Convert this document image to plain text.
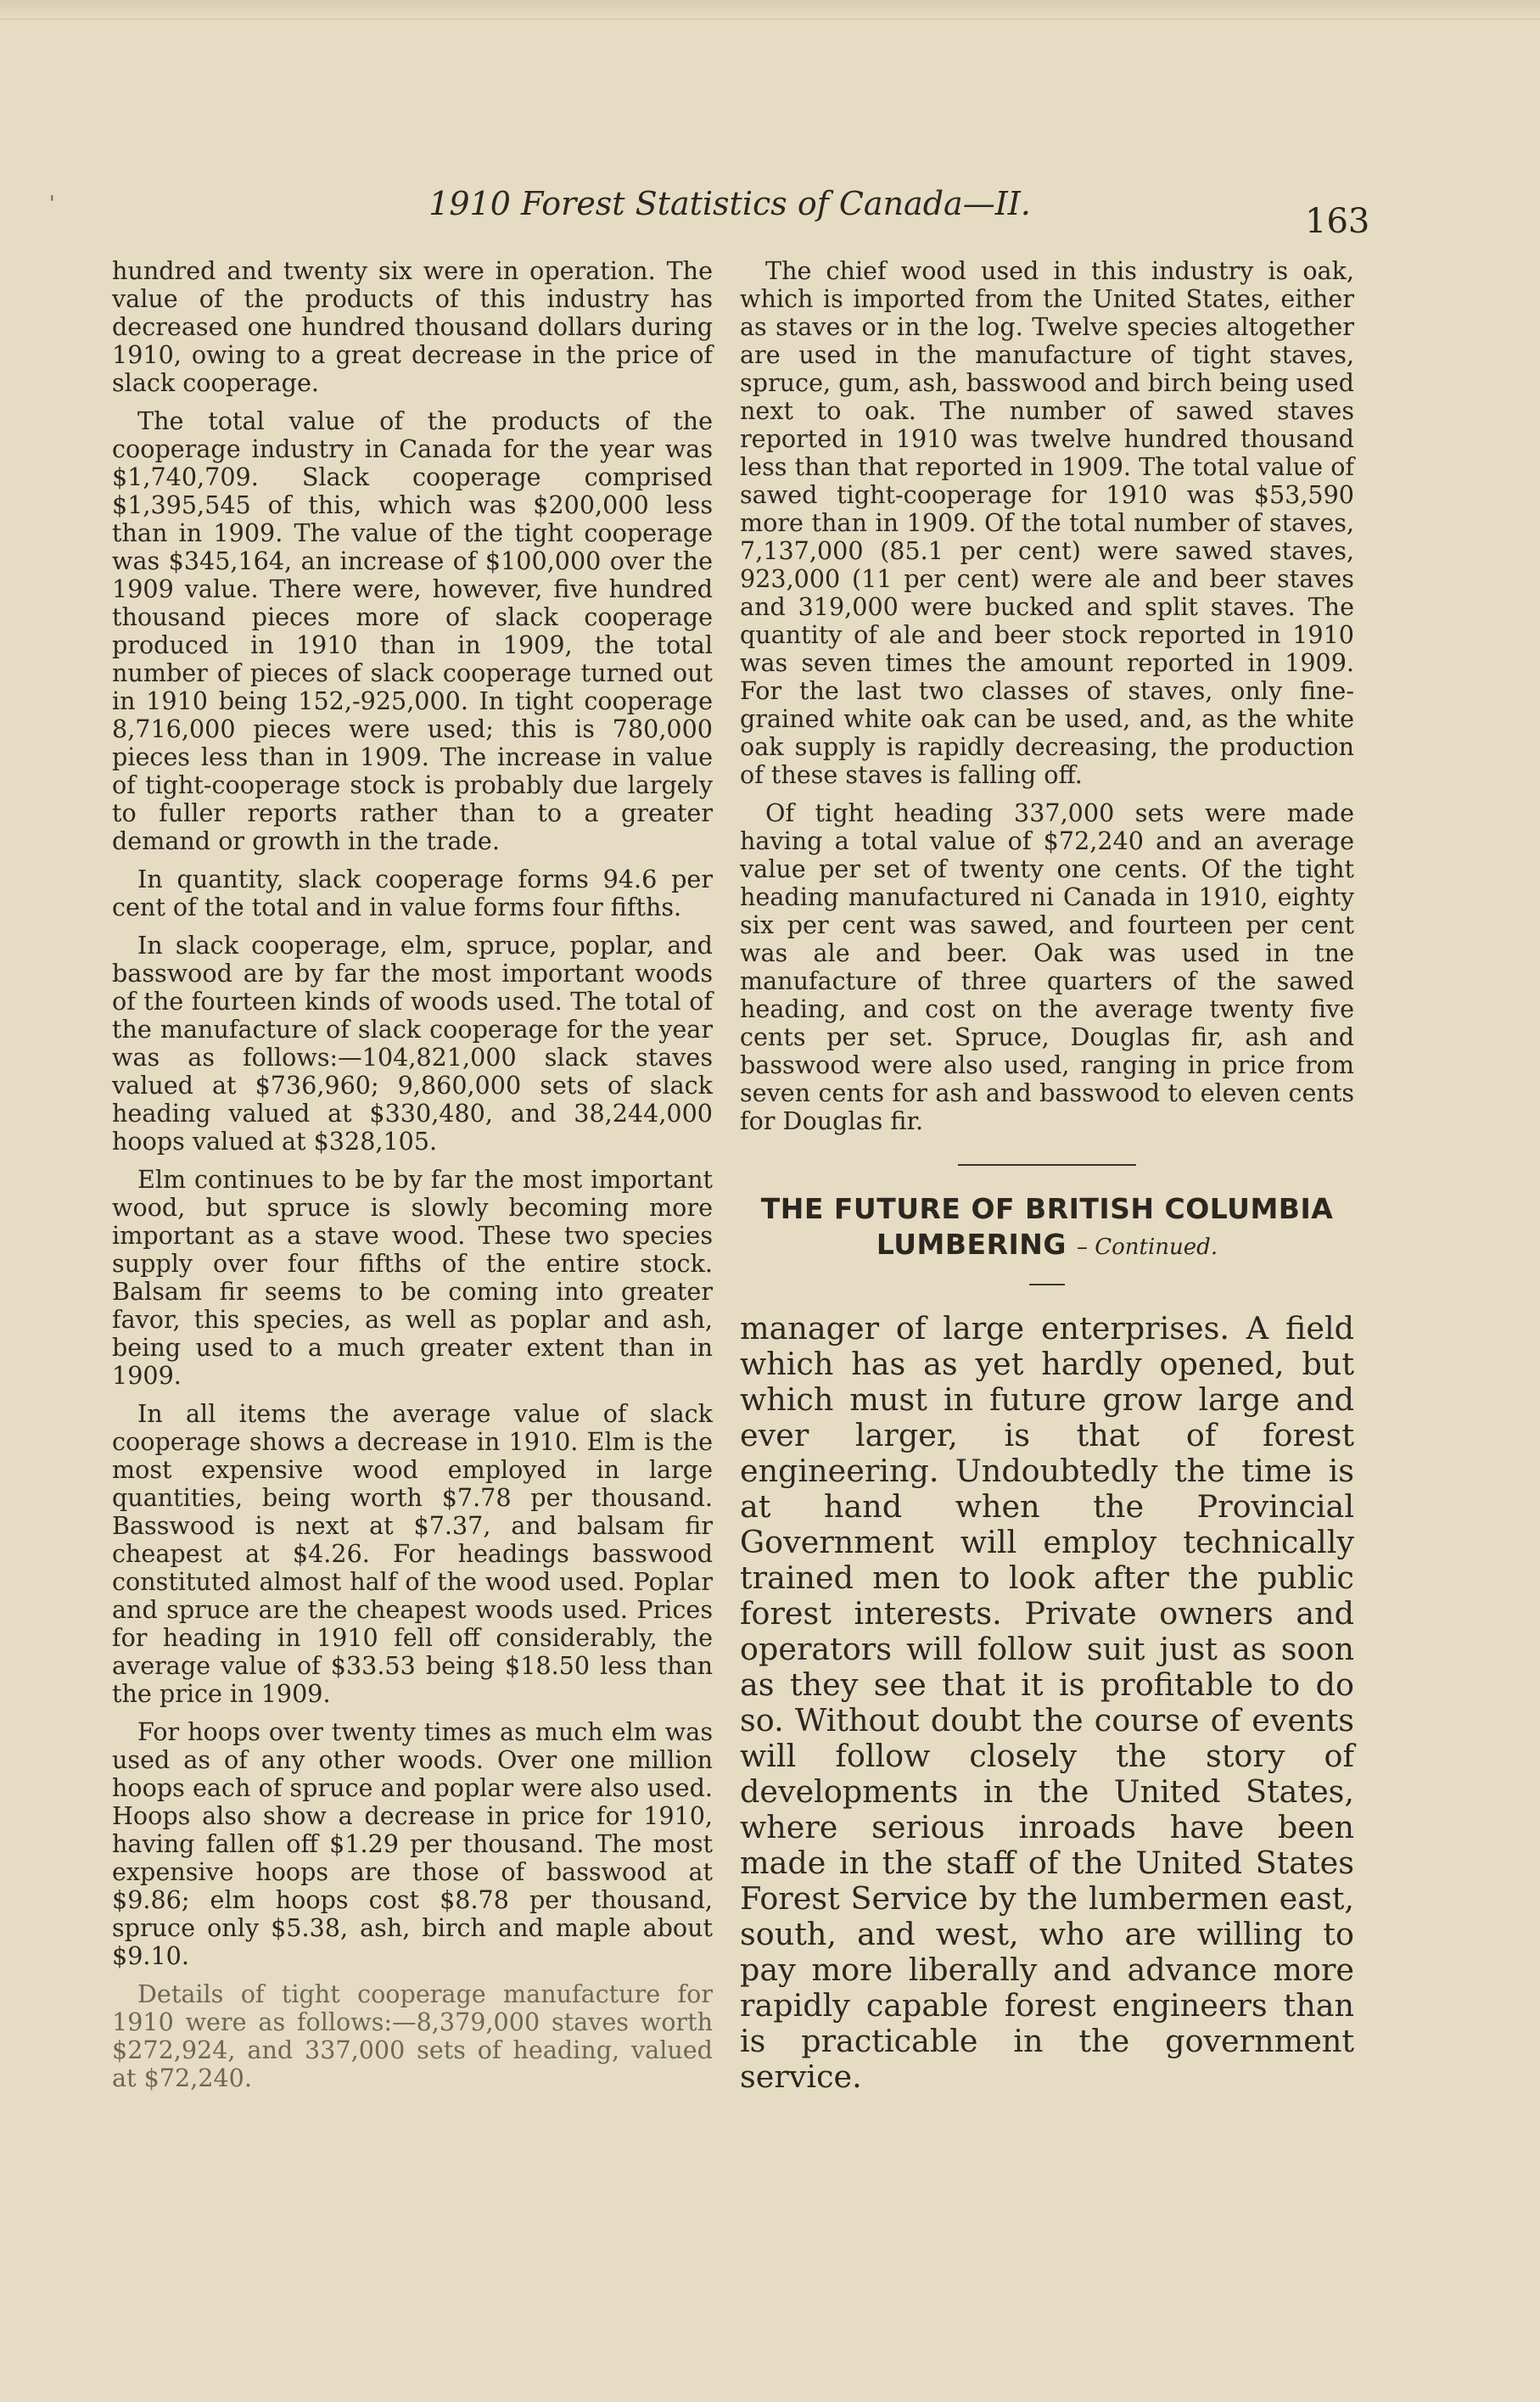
'	1910 Forest Statistics of Canada—II.	163

hundred and twenty six were in operation. The value of the products of this industry has decreased one hundred thousand dollars during 1910, owing to a great decrease in the price of slack cooperage.

The total value of the products of the cooperage industry in Canada for the year was $1,740,709. Slack cooperage comprised $1,395,545 of this, which was $200,000 less than in 1909. The value of the tight cooperage was $345,164, an increase of $100,000 over the 1909 value. There were, however, five hundred thousand pieces more of slack cooperage produced in 1910 than in 1909, the total number of pieces of slack cooperage turned out in 1910 being 152,-925,000. In tight cooperage 8,716,000 pieces were used; this is 780,000 pieces less than in 1909. The increase in value of tight-cooperage stock is probably due largely to fuller reports rather than to a greater demand or growth in the trade.

In quantity, slack cooperage forms 94.6 per cent of the total and in value forms four fifths.

In slack cooperage, elm, spruce, poplar, and basswood are by far the most important woods of the fourteen kinds of woods used. The total of the manufacture of slack cooperage for the year was as follows:—104,821,000 slack staves valued at $736,960; 9,860,000 sets of slack heading valued at $330,480, and 38,244,000 hoops valued at $328,105.

Elm continues to be by far the most important wood, but spruce is slowly becoming more important as a stave wood. These two species supply over four fifths of the entire stock. Balsam fir seems to be coming into greater favor, this species, as well as poplar and ash, being used to a much greater extent than in 1909.

In all items the average value of slack cooperage shows a decrease in 1910. Elm is the most expensive wood employed in large quantities, being worth $7.78 per thousand. Basswood is next at $7.37, and balsam fir cheapest at $4.26. For headings basswood constituted almost half of the wood used. Poplar and spruce are the cheapest woods used. Prices for heading in 1910 fell off considerably, the average value of $33.53 being $18.50 less than the price in 1909.

For hoops over twenty times as much elm was used as of any other woods. Over one million hoops each of spruce and poplar were also used. Hoops also show a decrease in price for 1910, having fallen off $1.29 per thousand. The most expensive hoops are those of basswood at $9.86; elm hoops cost $8.78 per thousand, spruce only $5.38, ash, birch and maple about $9.10.

Details of tight cooperage manufacture for 1910 were as follows:—8,379,000 staves worth $272,924, and 337,000 sets of heading, valued at $72,240.

The chief wood used in this industry is oak, which is imported from the United States, either as staves or in the log. Twelve species altogether are used in the manufacture of tight staves, spruce, gum, ash, basswood and birch being used next to oak. The number of sawed staves reported in 1910 was twelve hundred thousand less than that reported in 1909. The total value of sawed tight-cooperage for 1910 was $53,590 more than in 1909. Of the total number of staves, 7,137,000 (85.1 per cent) were sawed staves, 923,000 (11 per cent) were ale and beer staves and 319,000 were bucked and split staves. The quantity of ale and beer stock reported in 1910 was seven times the amount reported in 1909. For the last two classes of staves, only fine-grained white oak can be used, and, as the white oak supply is rapidly decreasing, the production of these staves is falling off.

Of tight heading 337,000 sets were made having a total value of $72,240 and an average value per set of twenty one cents. Of the tight heading manufactured ni Canada in 1910, eighty six per cent was sawed, and fourteen per cent was ale and beer. Oak was used in tne manufacture of three quarters of the sawed heading, and cost on the average twenty five cents per set. Spruce, Douglas fir, ash and basswood were also used, ranging in price from seven cents for ash and basswood to eleven cents for Douglas fir.

THE FUTURE OF BRITISH COLUMBIA
LUMBERING – Continued.

manager of large enterprises. A field which has as yet hardly opened, but which must in future grow large and ever larger, is that of forest engineering. Undoubtedly the time is at hand when the Provincial Government will employ technically trained men to look after the public forest interests. Private owners and operators will follow suit just as soon as they see that it is profitable to do so. Without doubt the course of events will follow closely the story of developments in the United States, where serious inroads have been made in the staff of the United States Forest Service by the lumbermen east, south, and west, who are willing to pay more liberally and advance more rapidly capable forest engineers than is practicable in the government service.
